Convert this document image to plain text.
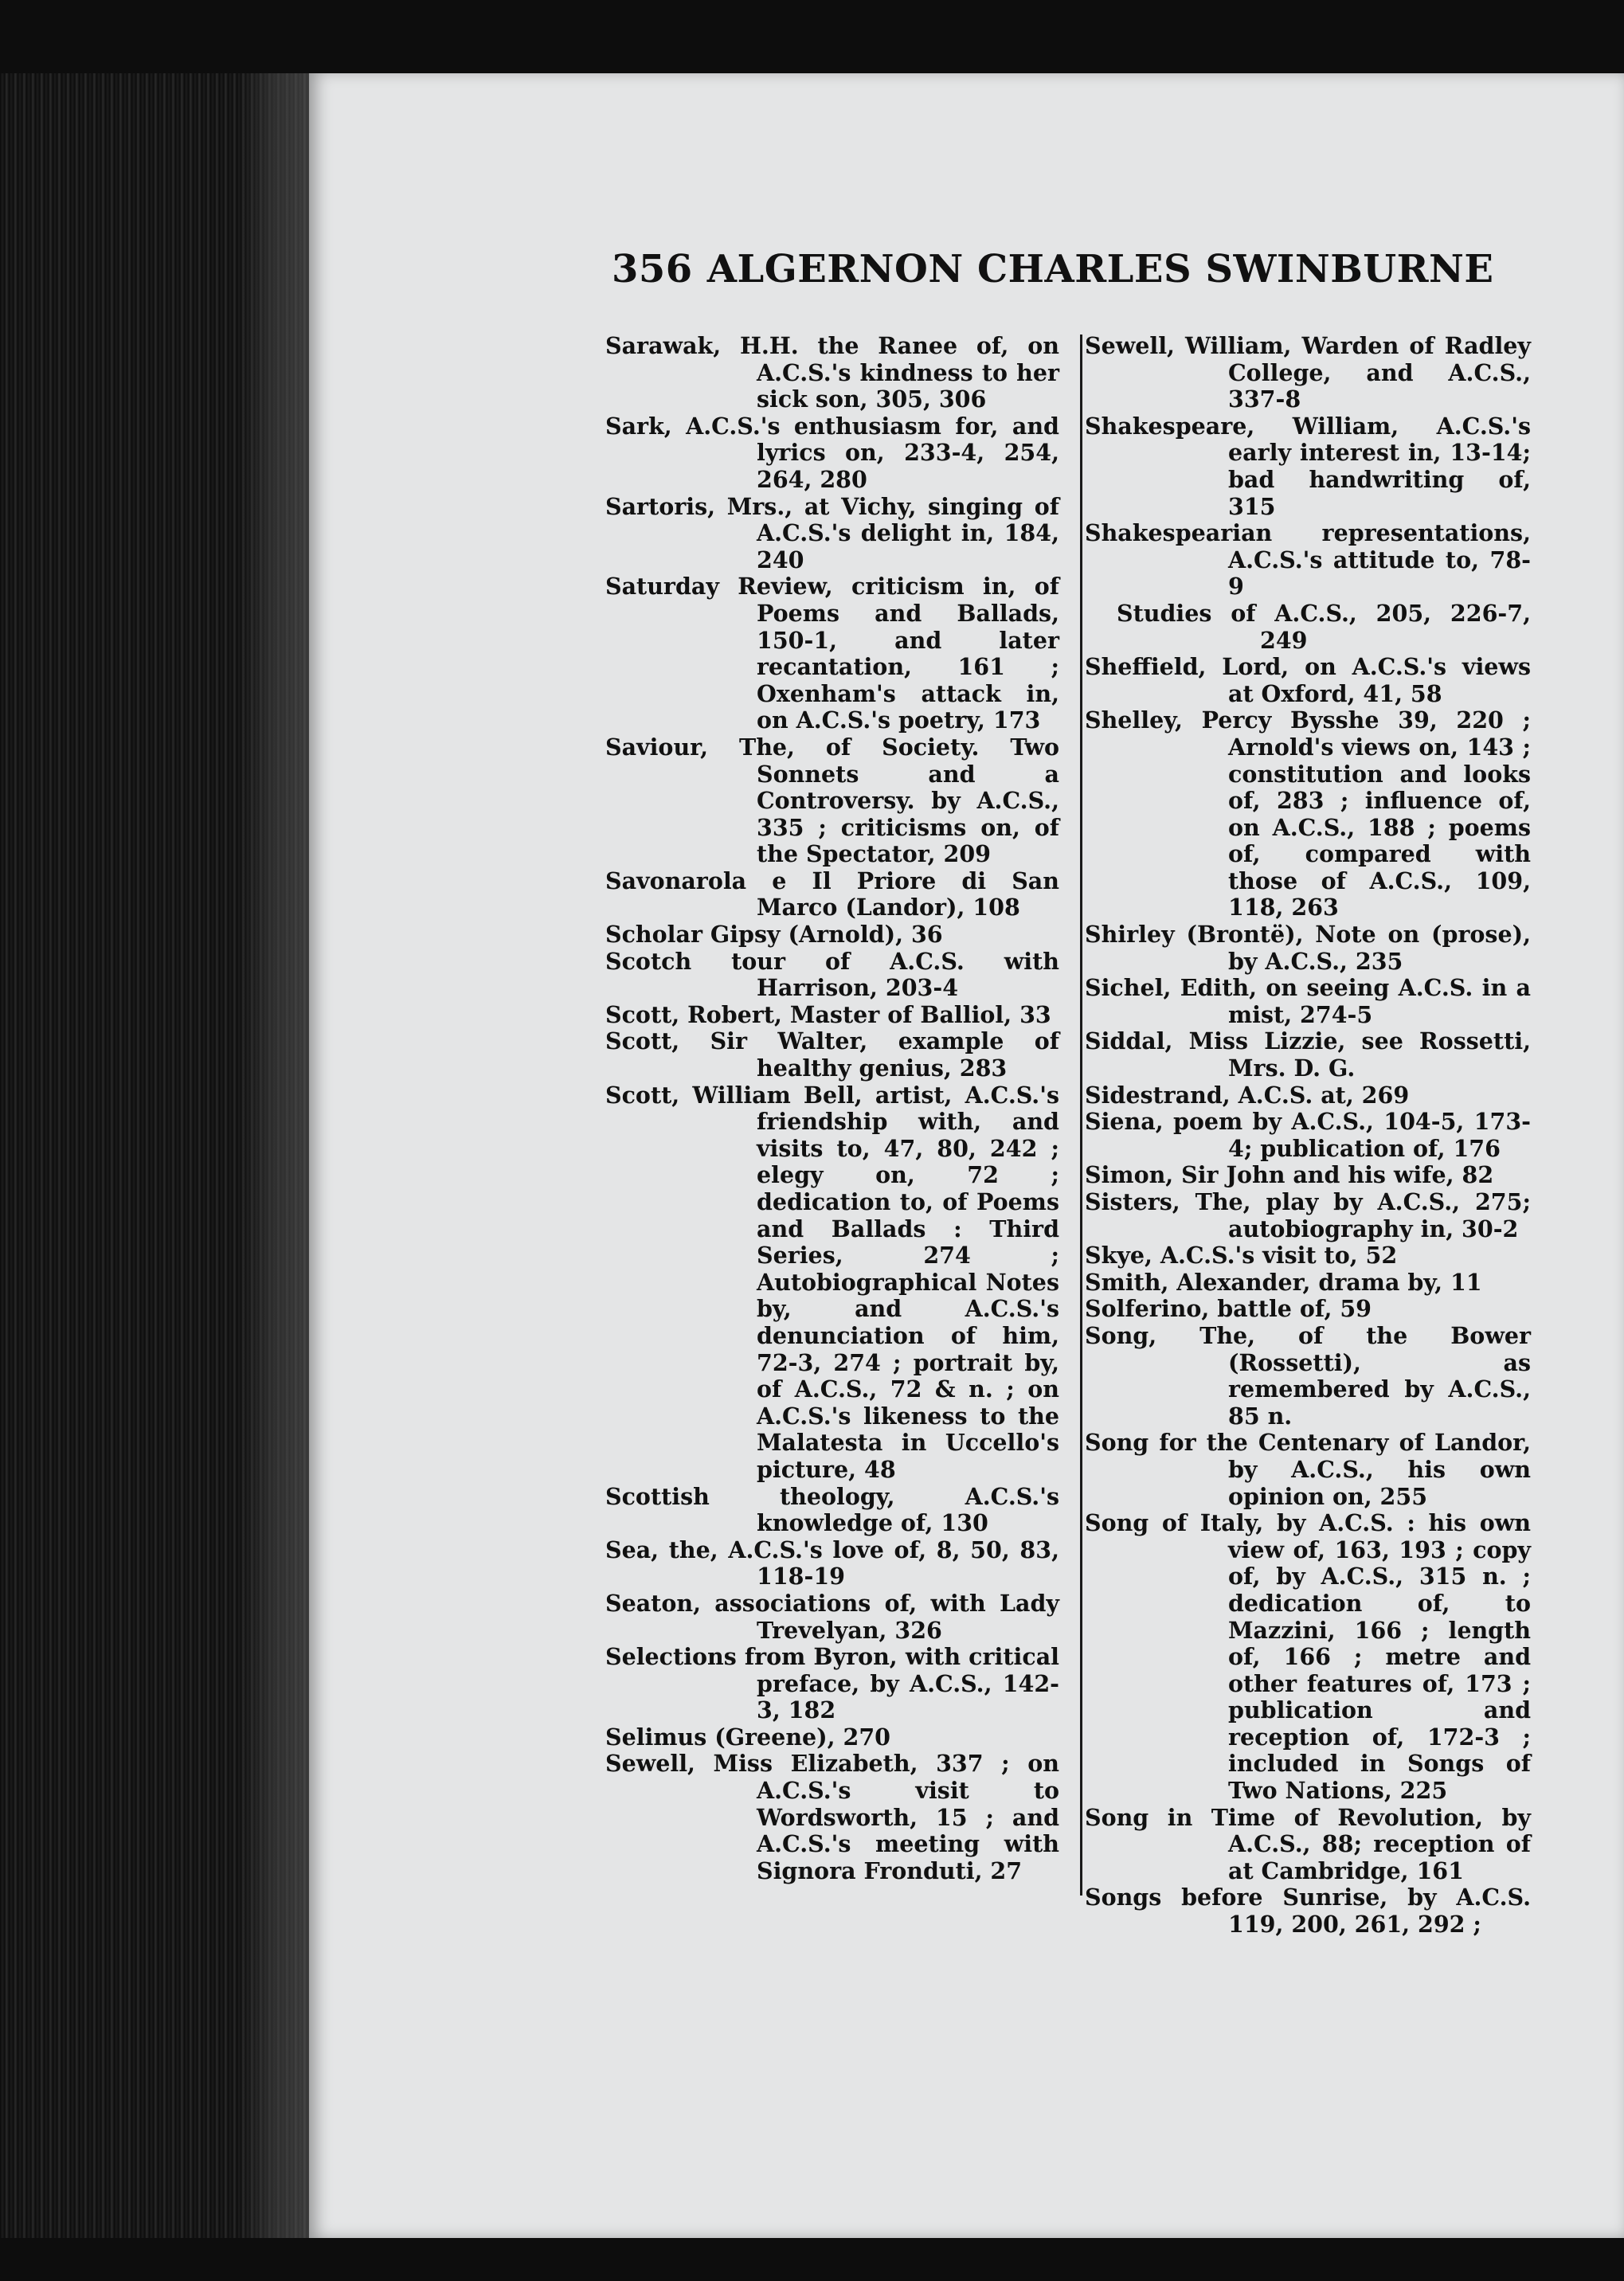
356 ALGERNON CHARLES SWINBURNE

Sarawak, H.H. the Ranee of, on A.C.S.'s kindness to her sick son, 305, 306

Sark, A.C.S.'s enthusiasm for, and lyrics on, 233-4, 254, 264, 280

Sartoris, Mrs., at Vichy, singing of A.C.S.'s delight in, 184, 240

Saturday Review, criticism in, of Poems and Ballads, 150-1, and later recantation, 161 ; Oxenham's attack in, on A.C.S.'s poetry, 173

Saviour, The, of Society. Two Sonnets and a Controversy. by A.C.S., 335 ; criticisms on, of the Spectator, 209

Savonarola e Il Priore di San Marco (Landor), 108

Scholar Gipsy (Arnold), 36

Scotch tour of A.C.S. with Harrison, 203-4

Scott, Robert, Master of Balliol, 33

Scott, Sir Walter, example of healthy genius, 283

Scott, William Bell, artist, A.C.S.'s friendship with, and visits to, 47, 80, 242 ; elegy on, 72 ; dedication to, of Poems and Ballads : Third Series, 274 ; Autobiographical Notes by, and A.C.S.'s denunciation of him, 72-3, 274 ; portrait by, of A.C.S., 72 & n. ; on A.C.S.'s likeness to the Malatesta in Uccello's picture, 48

Scottish theology, A.C.S.'s knowledge of, 130

Sea, the, A.C.S.'s love of, 8, 50, 83, 118-19

Seaton, associations of, with Lady Trevelyan, 326

Selections from Byron, with critical preface, by A.C.S., 142-3, 182

Selimus (Greene), 270

Sewell, Miss Elizabeth, 337 ; on A.C.S.'s visit to Wordsworth, 15 ; and A.C.S.'s meeting with Signora Fronduti, 27

Sewell, William, Warden of Radley College, and A.C.S., 337-8

Shakespeare, William, A.C.S.'s early interest in, 13-14; bad handwriting of, 315

Shakespearian representations, A.C.S.'s attitude to, 78-9

Studies of A.C.S., 205, 226-7, 249

Sheffield, Lord, on A.C.S.'s views at Oxford, 41, 58

Shelley, Percy Bysshe 39, 220 ; Arnold's views on, 143 ; constitution and looks of, 283 ; influence of, on A.C.S., 188 ; poems of, compared with those of A.C.S., 109, 118, 263

Shirley (Brontë), Note on (prose), by A.C.S., 235

Sichel, Edith, on seeing A.C.S. in a mist, 274-5

Siddal, Miss Lizzie, see Rossetti, Mrs. D. G.

Sidestrand, A.C.S. at, 269

Siena, poem by A.C.S., 104-5, 173-4; publication of, 176

Simon, Sir John and his wife, 82

Sisters, The, play by A.C.S., 275; autobiography in, 30-2

Skye, A.C.S.'s visit to, 52

Smith, Alexander, drama by, 11

Solferino, battle of, 59

Song, The, of the Bower (Rossetti), as remembered by A.C.S., 85 n.

Song for the Centenary of Landor, by A.C.S., his own opinion on, 255

Song of Italy, by A.C.S. : his own view of, 163, 193 ; copy of, by A.C.S., 315 n. ; dedication of, to Mazzini, 166 ; length of, 166 ; metre and other features of, 173 ; publication and reception of, 172-3 ; included in Songs of Two Nations, 225

Song in Time of Revolution, by A.C.S., 88; reception of at Cambridge, 161

Songs before Sunrise, by A.C.S. 119, 200, 261, 292 ;
